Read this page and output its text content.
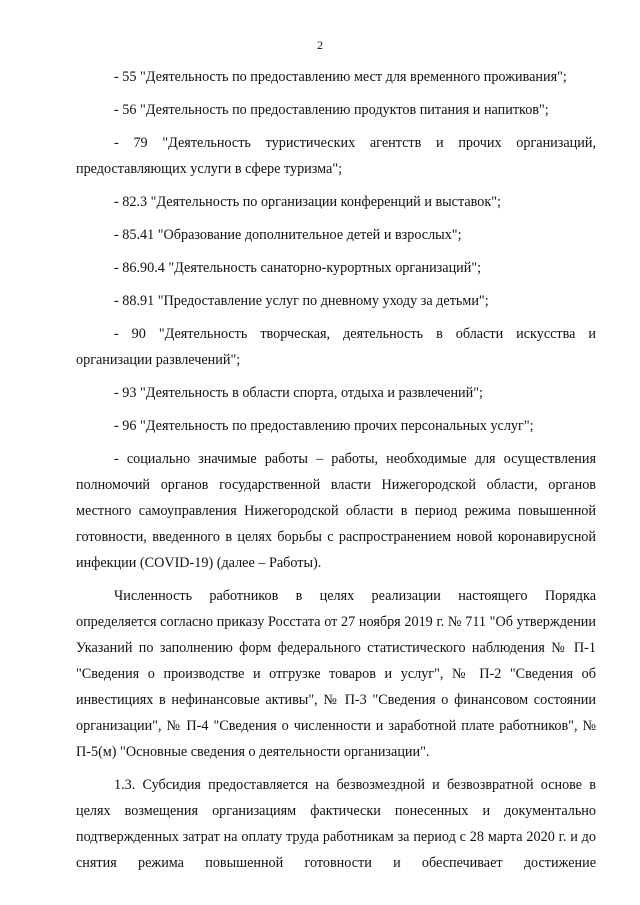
2

- 55 "Деятельность по предоставлению мест для временного проживания";

- 56 "Деятельность по предоставлению продуктов питания и напитков";

- 79 "Деятельность туристических агентств и прочих организаций, предоставляющих услуги в сфере туризма";

- 82.3 "Деятельность по организации конференций и выставок";

- 85.41 "Образование дополнительное детей и взрослых";

- 86.90.4 "Деятельность санаторно-курортных организаций";

- 88.91 "Предоставление услуг по дневному уходу за детьми";

- 90 "Деятельность творческая, деятельность в области искусства и организации развлечений";

- 93 "Деятельность в области спорта, отдыха и развлечений";

- 96 "Деятельность по предоставлению прочих персональных услуг";

- социально значимые работы – работы, необходимые для осуществления полномочий органов государственной власти Нижегородской области, органов местного самоуправления Нижегородской области в период режима повышенной готовности, введенного в целях борьбы с распространением новой коронавирусной инфекции (COVID-19) (далее – Работы).

Численность работников в целях реализации настоящего Порядка определяется согласно приказу Росстата от 27 ноября 2019 г. № 711 "Об утверждении Указаний по заполнению форм федерального статистического наблюдения № П-1 "Сведения о производстве и отгрузке товаров и услуг", № П-2 "Сведения об инвестициях в нефинансовые активы", № П-3 "Сведения о финансовом состоянии организации", № П-4 "Сведения о численности и заработной плате работников", № П-5(м) "Основные сведения о деятельности организации".

1.3. Субсидия предоставляется на безвозмездной и безвозвратной основе в целях возмещения организациям фактически понесенных и документально подтвержденных затрат на оплату труда работникам за период с 28 марта 2020 г. и до снятия режима повышенной готовности и обеспечивает достижение
